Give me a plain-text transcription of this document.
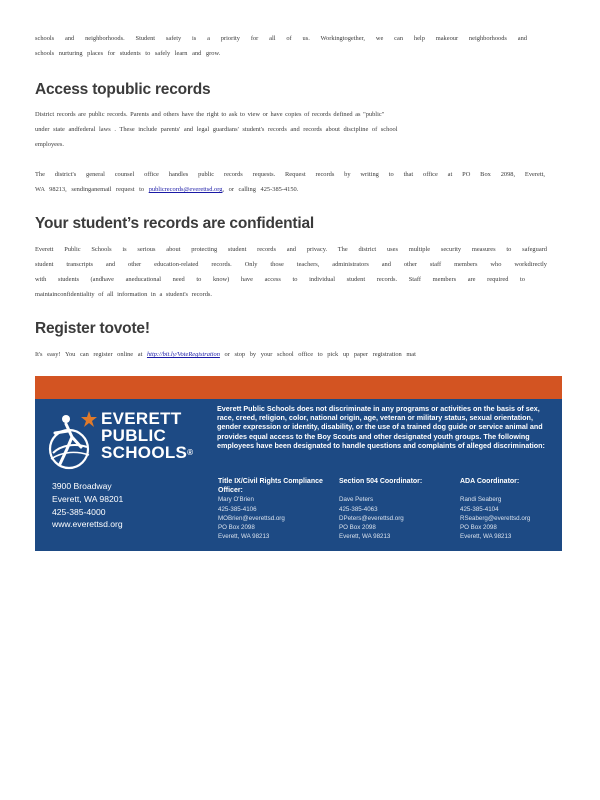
schools and neighborhoods. Student safety is a priority for all of us. Workingtogether, we can help makeour neighborhoods and

schools nurturing places for students to safely learn and grow.

Access topublic records

District records are public records. Parents and others have the right to ask to view or have copies of records defined as "public"

under state andfederal laws . These include parents' and legal guardians' student's records and records about discipline of school

employees.

The district's general counsel office handles public records requests. Request records by writing to that office at PO Box 2098, Everett,

WA 98213, sendinganemail request to publicrecords@everettsd.org, or calling 425-385-4150.

Your student’s records are confidential

Everett Public Schools is serious about protecting student records and privacy. The district uses multiple security measures to safeguard

student transcripts and other education-related records. Only those teachers, administrators and other staff members who workdirectly

with students (andhave aneducational need to know) have access to individual student records. Staff members are required to

maintainconfidentiality of all information in a student's records.

Register tovote!

It's easy! You can register online at http://bit.ly/VoteRegistration or stop by your school office to pick up paper registration mat

EVERETT
PUBLIC
SCHOOLS®
3900 Broadway
Everett, WA 98201
425-385-4000
www.everettsd.org
Everett Public Schools does not discriminate in any programs or activities on the basis of sex, race, creed, religion, color, national origin, age, veteran or military status, sexual orientation, gender expression or identity, disability, or the use of a trained dog guide or service animal and provides equal access to the Boy Scouts and other designated youth groups. The following employees have been designated to handle questions and complaints of alleged discrimination:
Title IX/Civil Rights Compliance Officer:
Mary O'Brien
425-385-4106
MOBrien@everettsd.org
PO Box 2098
Everett, WA 98213
Section 504 Coordinator:
Dave Peters
425-385-4063
DPeters@everettsd.org
PO Box 2098
Everett, WA 98213
ADA Coordinator:
Randi Seaberg
425-385-4104
RSeaberg@everettsd.org
PO Box 2098
Everett, WA 98213
